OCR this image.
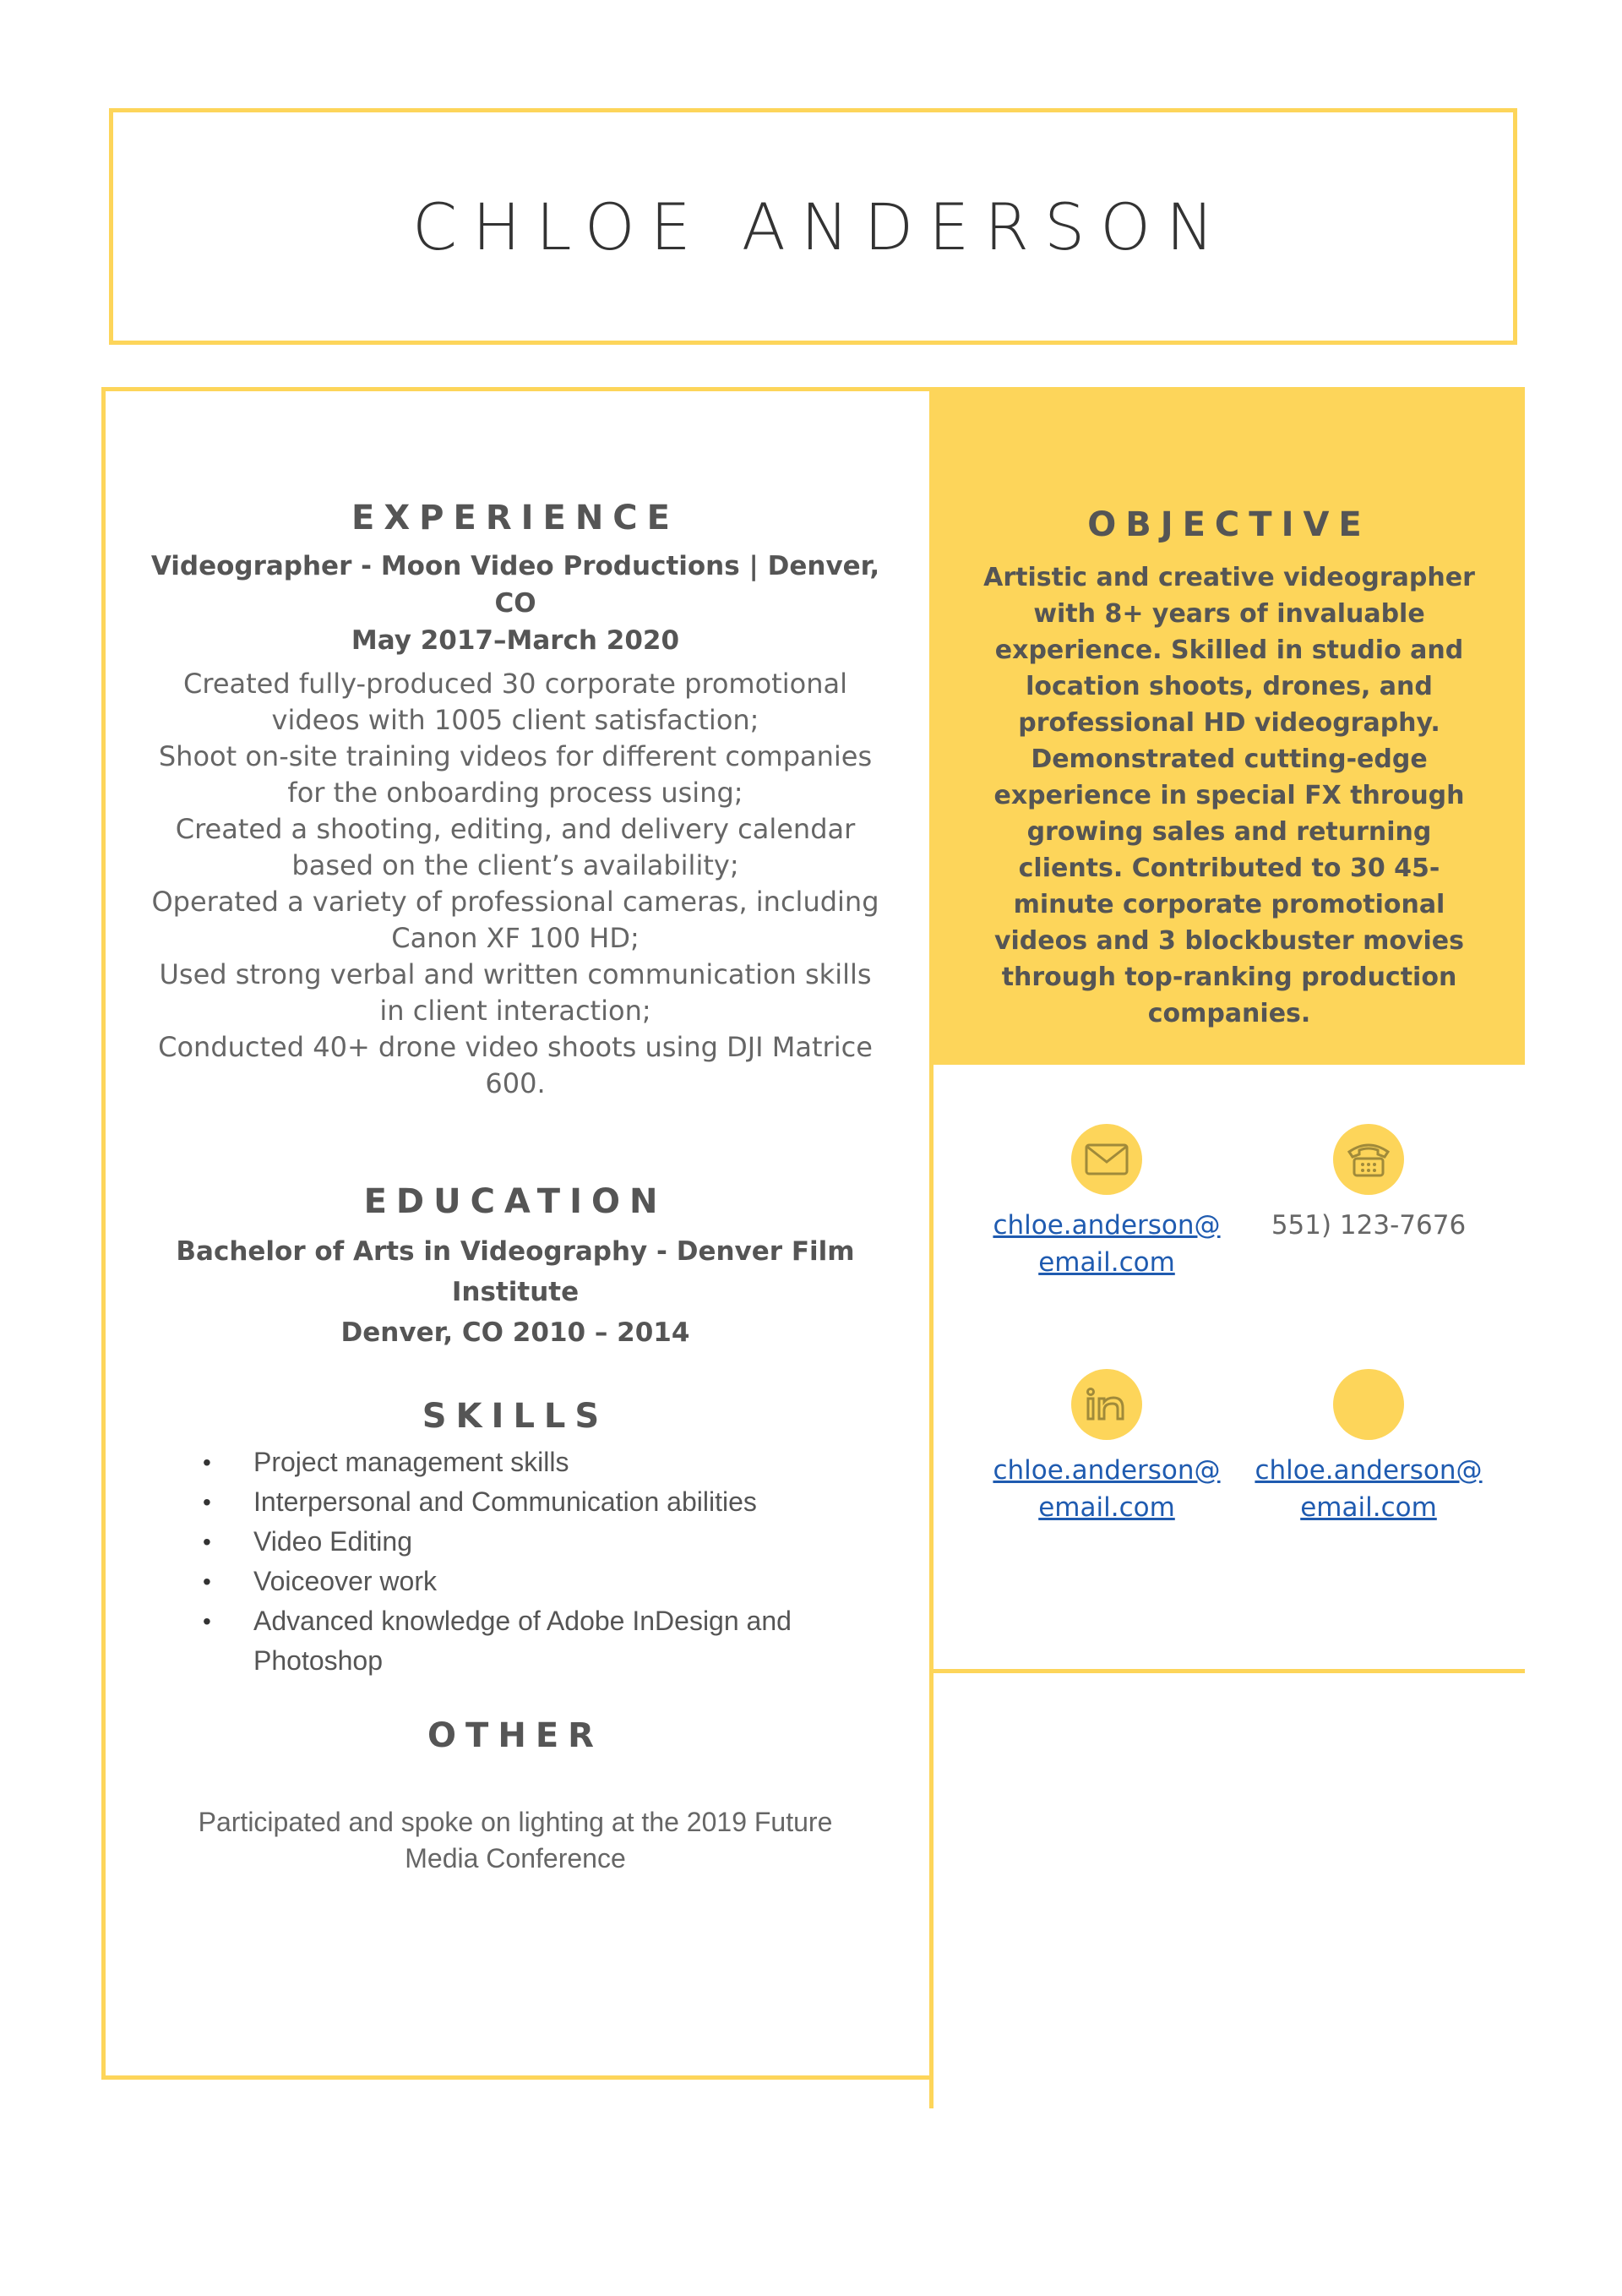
CHLOE ANDERSON
OBJECTIVE

Artistic and creative videographer with 8+ years of invaluable experience. Skilled in studio and location shoots, drones, and professional HD videography. Demonstrated cutting-edge experience in special FX through growing sales and returning clients. Contributed to 30 45-minute corporate promotional videos and 3 blockbuster movies through top-ranking production companies.

EXPERIENCE

Videographer - Moon Video Productions | Denver, CO

May 2017–March 2020

Created fully-produced 30 corporate promotional videos with 1005 client satisfaction;
Shoot on-site training videos for different companies for the onboarding process using;
Created a shooting, editing, and delivery calendar based on the client’s availability;
Operated a variety of professional cameras, including Canon XF 100 HD;
Used strong verbal and written communication skills in client interaction;
Conducted 40+ drone video shoots using DJI Matrice 600.
EDUCATION

Bachelor of Arts in Videography - Denver Film Institute

Denver, CO 2010 – 2014

SKILLS
• Project management skills
• Interpersonal and Communication abilities
• Video Editing
• Voiceover work
• Advanced knowledge of Adobe InDesign and Photoshop
OTHER

Participated and spoke on lighting at the 2019 Future Media Conference

chloe.anderson@ email.com
551) 123-7676
chloe.anderson@ email.com
chloe.anderson@ email.com
